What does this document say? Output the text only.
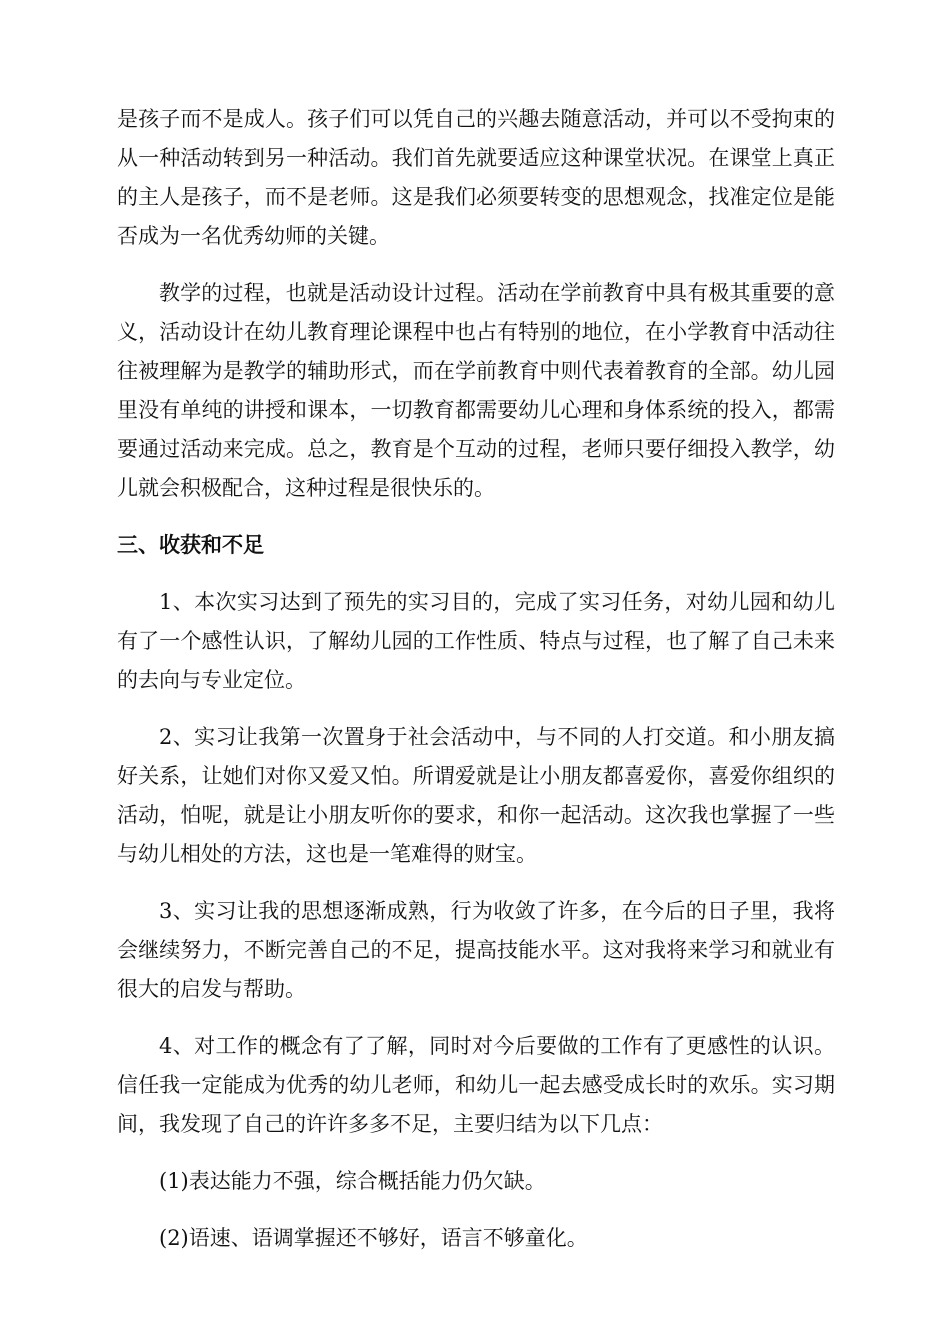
是孩子而不是成人。孩子们可以凭自己的兴趣去随意活动，并可以不受拘束的从一种活动转到另一种活动。我们首先就要适应这种课堂状况。在课堂上真正的主人是孩子，而不是老师。这是我们必须要转变的思想观念，找准定位是能否成为一名优秀幼师的关键。

教学的过程，也就是活动设计过程。活动在学前教育中具有极其重要的意义，活动设计在幼儿教育理论课程中也占有特别的地位，在小学教育中活动往往被理解为是教学的辅助形式，而在学前教育中则代表着教育的全部。幼儿园里没有单纯的讲授和课本，一切教育都需要幼儿心理和身体系统的投入，都需要通过活动来完成。总之，教育是个互动的过程，老师只要仔细投入教学，幼儿就会积极配合，这种过程是很快乐的。

三、收获和不足

1、本次实习达到了预先的实习目的，完成了实习任务，对幼儿园和幼儿有了一个感性认识，了解幼儿园的工作性质、特点与过程，也了解了自己未来的去向与专业定位。

2、实习让我第一次置身于社会活动中，与不同的人打交道。和小朋友搞好关系，让她们对你又爱又怕。所谓爱就是让小朋友都喜爱你，喜爱你组织的活动，怕呢，就是让小朋友听你的要求，和你一起活动。这次我也掌握了一些与幼儿相处的方法，这也是一笔难得的财宝。

3、实习让我的思想逐渐成熟，行为收敛了许多，在今后的日子里，我将会继续努力，不断完善自己的不足，提高技能水平。这对我将来学习和就业有很大的启发与帮助。

4、对工作的概念有了了解，同时对今后要做的工作有了更感性的认识。信任我一定能成为优秀的幼儿老师，和幼儿一起去感受成长时的欢乐。实习期间，我发现了自己的许许多多不足，主要归结为以下几点：

(1)表达能力不强，综合概括能力仍欠缺。

(2)语速、语调掌握还不够好，语言不够童化。
